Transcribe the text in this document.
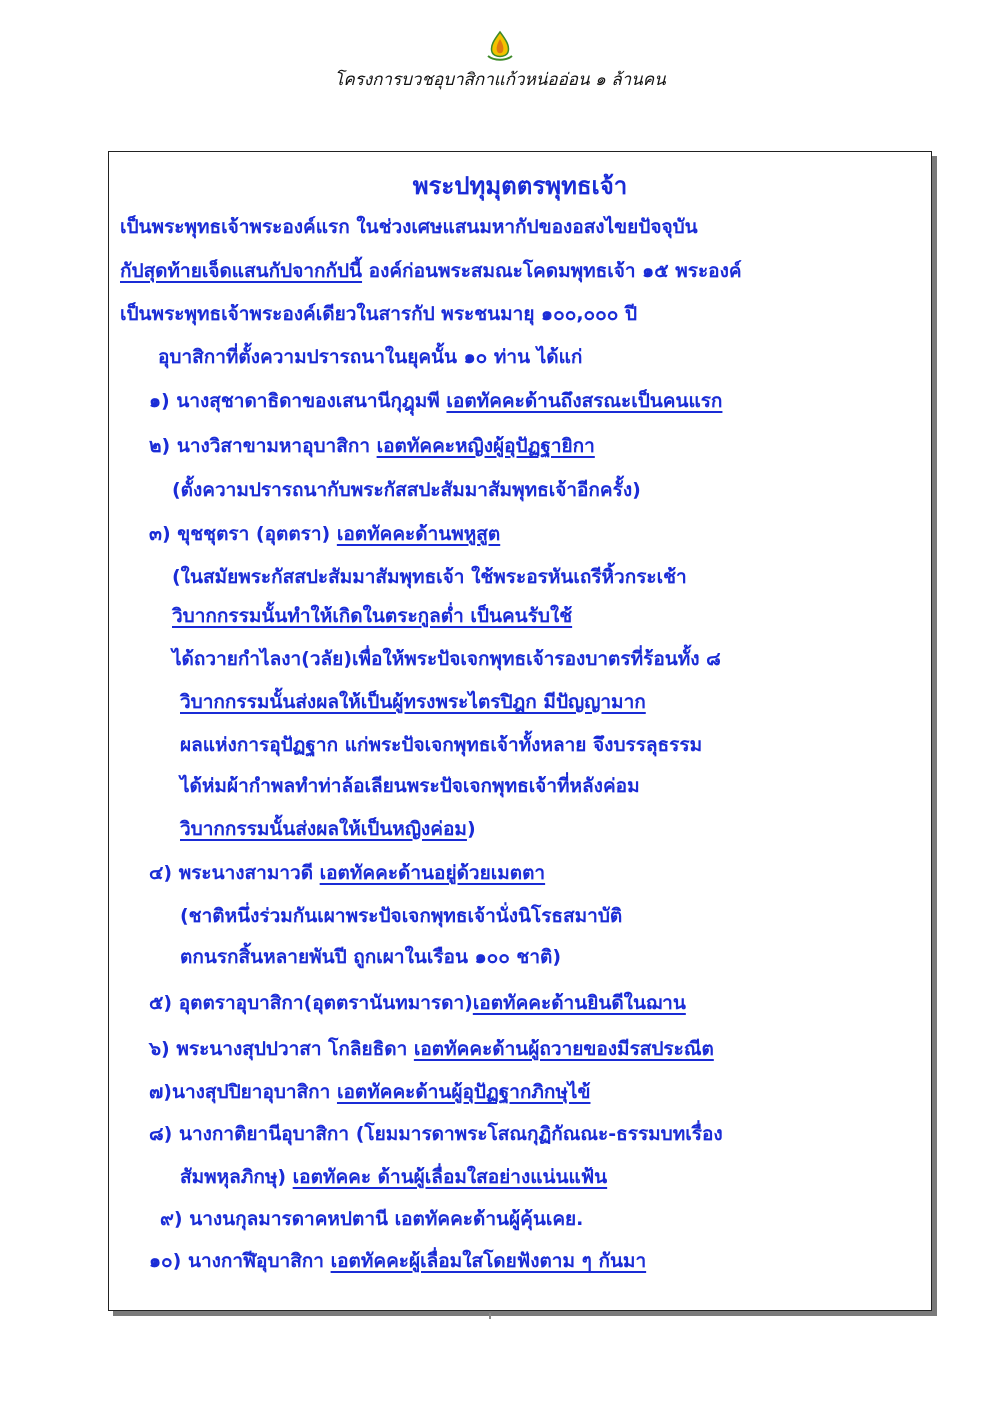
โครงการบวชอุบาสิกาแก้วหน่ออ่อน ๑ ล้านคน
พระปทุมุตตรพุทธเจ้า
เป็นพระพุทธเจ้าพระองค์แรก ในช่วงเศษแสนมหากัปของอสงไขยปัจจุบัน
กัปสุดท้ายเจ็ดแสนกัปจากกัปนี้ องค์ก่อนพระสมณะโคดมพุทธเจ้า ๑๕ พระองค์
เป็นพระพุทธเจ้าพระองค์เดียวในสารกัป พระชนมายุ ๑๐๐,๐๐๐ ปี
อุบาสิกาที่ตั้งความปรารถนาในยุคนั้น ๑๐ ท่าน ได้แก่
๑) นางสุชาดาธิดาของเสนานีกุฎุมพี เอตทัคคะด้านถึงสรณะเป็นคนแรก
๒) นางวิสาขามหาอุบาสิกา เอตทัคคะหญิงผู้อุปัฏฐายิกา
(ตั้งความปรารถนากับพระกัสสปะสัมมาสัมพุทธเจ้าอีกครั้ง)
๓) ขุชชุตรา (อุตตรา) เอตทัคคะด้านพหูสูต
(ในสมัยพระกัสสปะสัมมาสัมพุทธเจ้า ใช้พระอรหันเถรีหิ้วกระเช้า
วิบากกรรมนั้นทำให้เกิดในตระกูลต่ำ เป็นคนรับใช้
ได้ถวายกำไลงา(วลัย)เพื่อให้พระปัจเจกพุทธเจ้ารองบาตรที่ร้อนทั้ง ๘
วิบากกรรมนั้นส่งผลให้เป็นผู้ทรงพระไตรปิฎก มีปัญญามาก
ผลแห่งการอุปัฏฐาก แก่พระปัจเจกพุทธเจ้าทั้งหลาย จึงบรรลุธรรม
ได้ห่มผ้ากำพลทำท่าล้อเลียนพระปัจเจกพุทธเจ้าที่หลังค่อม
วิบากกรรมนั้นส่งผลให้เป็นหญิงค่อม)
๔) พระนางสามาวดี เอตทัคคะด้านอยู่ด้วยเมตตา
(ชาติหนึ่งร่วมกันเผาพระปัจเจกพุทธเจ้านั่งนิโรธสมาบัติ
ตกนรกสิ้นหลายพันปี ถูกเผาในเรือน ๑๐๐ ชาติ)
๕) อุตตราอุบาสิกา(อุตตรานันทมารดา)เอตทัคคะด้านยินดีในฌาน
๖) พระนางสุปปวาสา โกลิยธิดา เอตทัคคะด้านผู้ถวายของมีรสประณีต
๗)นางสุปปิยาอุบาสิกา เอตทัคคะด้านผู้อุปัฏฐากภิกษุไข้
๘) นางกาติยานีอุบาสิกา (โยมมารดาพระโสณกุฏิกัณณะ-ธรรมบทเรื่อง
สัมพหุลภิกษุ) เอตทัคคะ ด้านผู้เลื่อมใสอย่างแน่นแฟ้น
๙) นางนกุลมารดาคหปตานี เอตทัคคะด้านผู้คุ้นเคย.
๑๐) นางกาฬีอุบาสิกา เอตทัคคะผู้เลื่อมใสโดยฟังตาม ๆ กันมา
